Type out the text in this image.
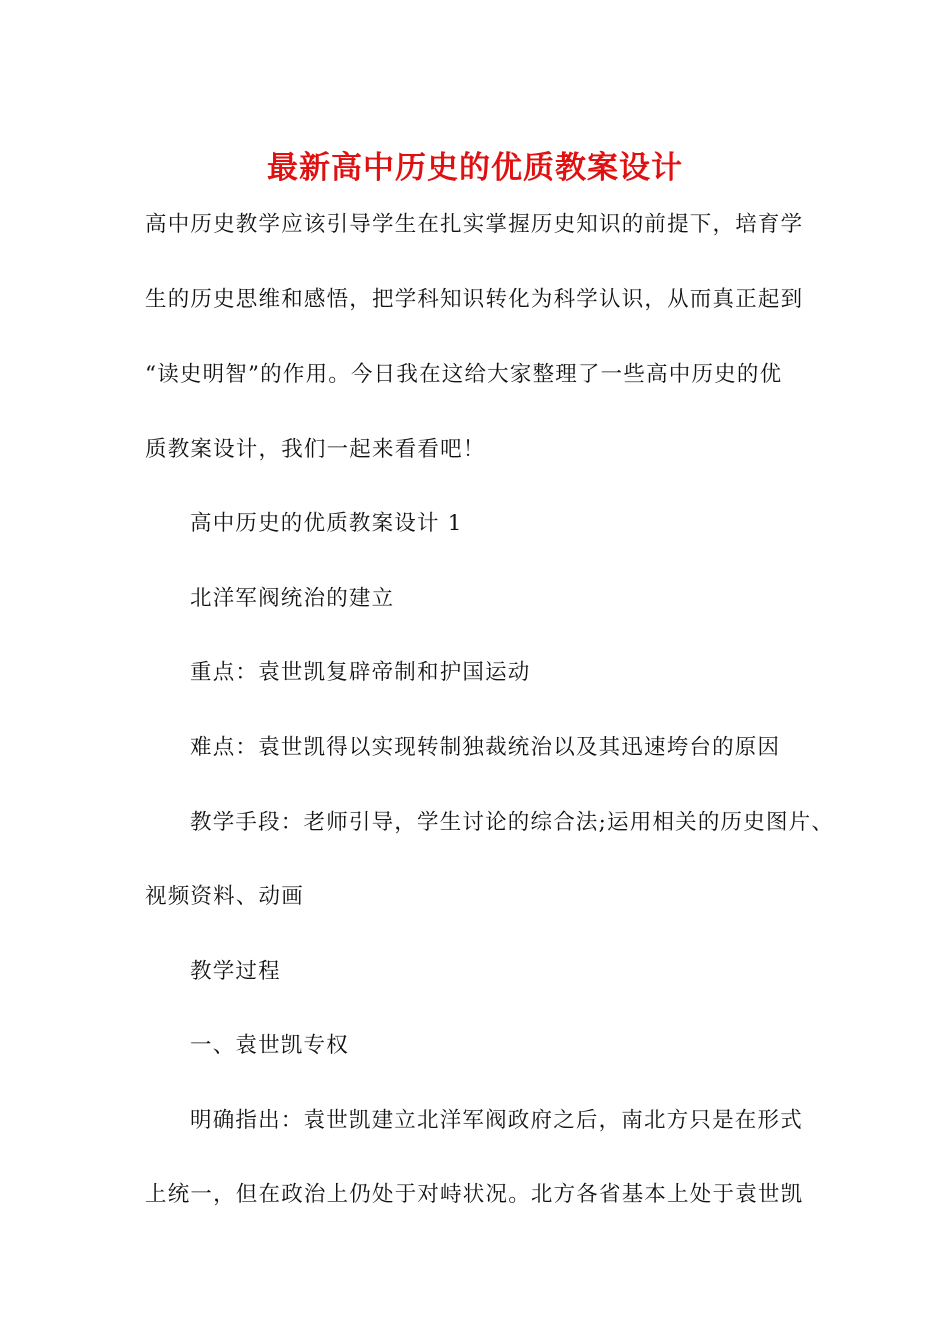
最新高中历史的优质教案设计

高中历史教学应该引导学生在扎实掌握历史知识的前提下，培育学

生的历史思维和感悟，把学科知识转化为科学认识，从而真正起到

“读史明智”的作用。今日我在这给大家整理了一些高中历史的优

质教案设计，我们一起来看看吧！

高中历史的优质教案设计 1

北洋军阀统治的建立

重点：袁世凯复辟帝制和护国运动

难点：袁世凯得以实现转制独裁统治以及其迅速垮台的原因

教学手段：老师引导，学生讨论的综合法;运用相关的历史图片、

视频资料、动画

教学过程

一、袁世凯专权

明确指出：袁世凯建立北洋军阀政府之后，南北方只是在形式

上统一，但在政治上仍处于对峙状况。北方各省基本上处于袁世凯
